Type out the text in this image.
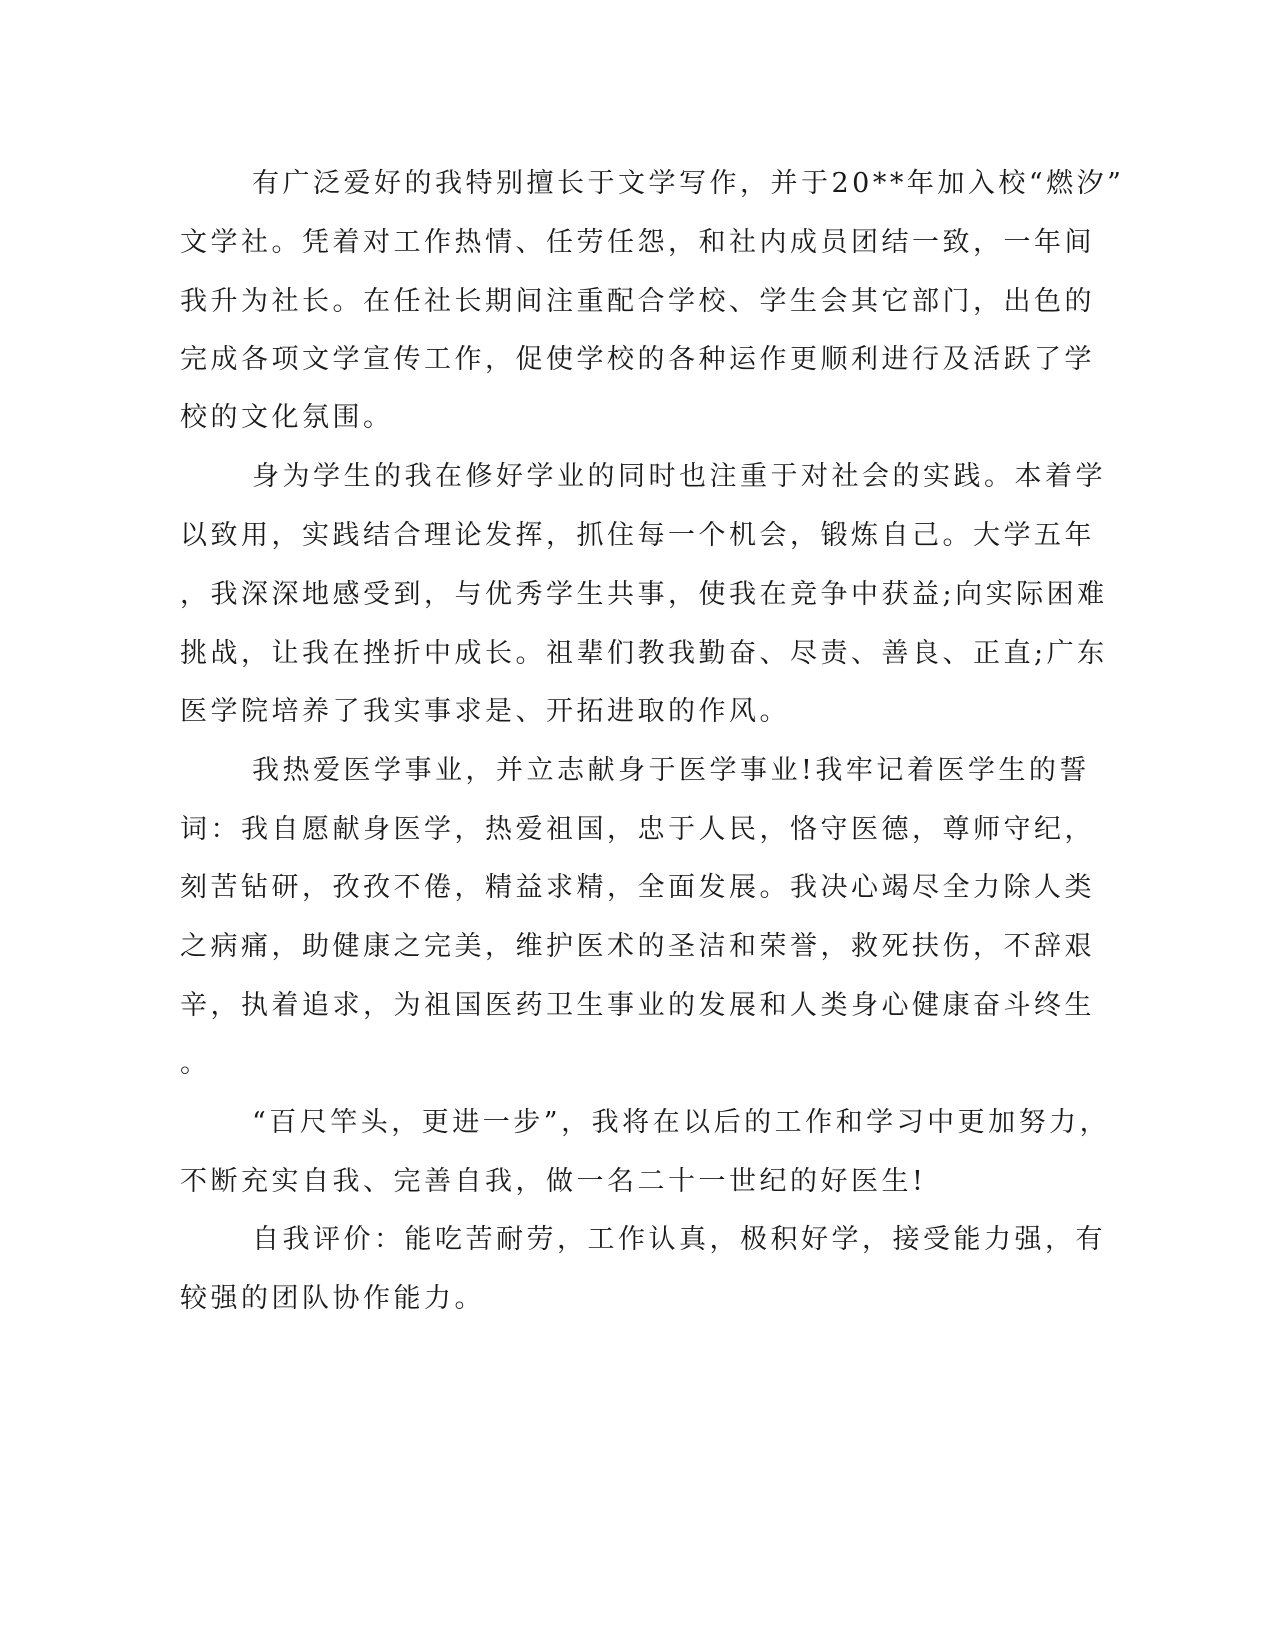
有广泛爱好的我特别擅长于文学写作，并于20**年加入校“燃汐”

文学社。凭着对工作热情、任劳任怨，和社内成员团结一致，一年间

我升为社长。在任社长期间注重配合学校、学生会其它部门，出色的

完成各项文学宣传工作，促使学校的各种运作更顺利进行及活跃了学

校的文化氛围。

身为学生的我在修好学业的同时也注重于对社会的实践。本着学

以致用，实践结合理论发挥，抓住每一个机会，锻炼自己。大学五年

，我深深地感受到，与优秀学生共事，使我在竞争中获益;向实际困难

挑战，让我在挫折中成长。祖辈们教我勤奋、尽责、善良、正直;广东

医学院培养了我实事求是、开拓进取的作风。

我热爱医学事业，并立志献身于医学事业!我牢记着医学生的誓

词：我自愿献身医学，热爱祖国，忠于人民，恪守医德，尊师守纪，

刻苦钻研，孜孜不倦，精益求精，全面发展。我决心竭尽全力除人类

之病痛，助健康之完美，维护医术的圣洁和荣誉，救死扶伤，不辞艰

辛，执着追求，为祖国医药卫生事业的发展和人类身心健康奋斗终生

。

“百尺竿头，更进一步”，我将在以后的工作和学习中更加努力，

不断充实自我、完善自我，做一名二十一世纪的好医生!

自我评价：能吃苦耐劳，工作认真，极积好学，接受能力强，有

较强的团队协作能力。
